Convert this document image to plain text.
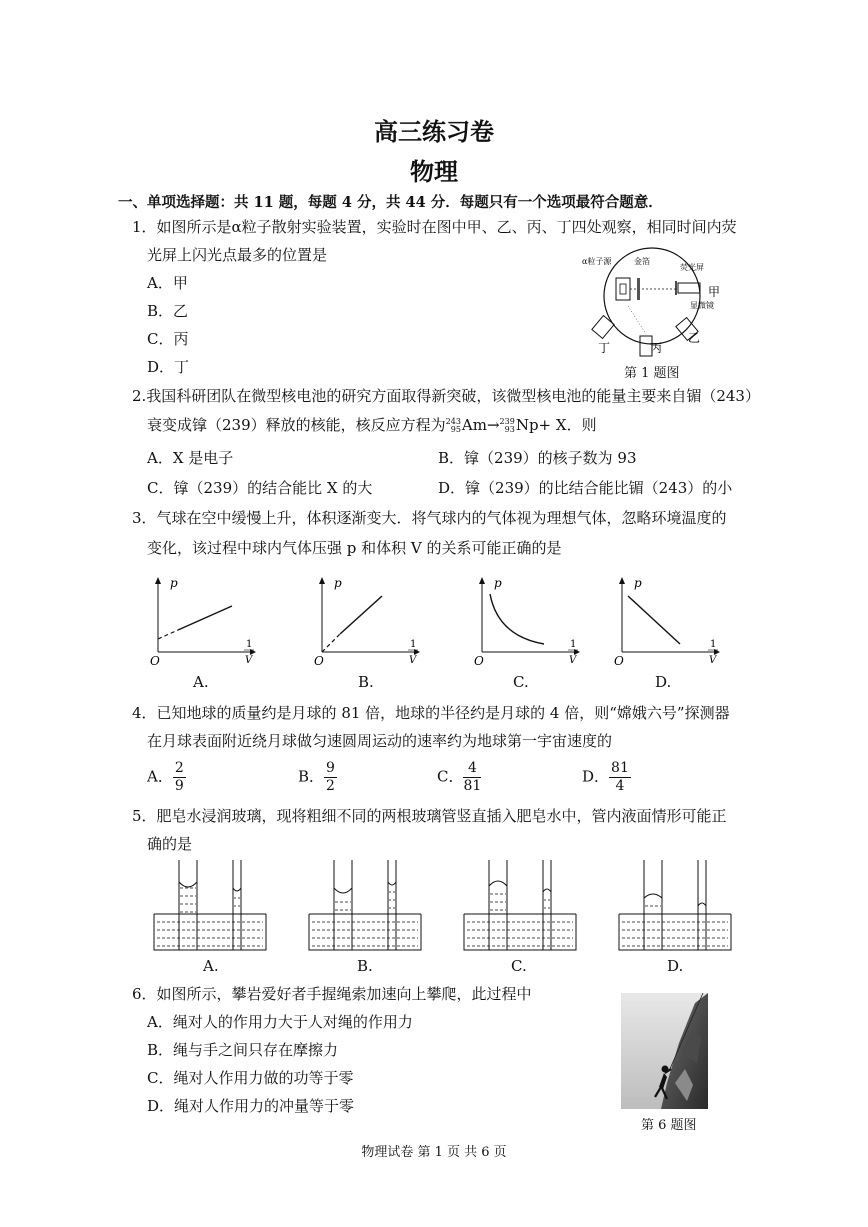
高三练习卷
物理
一、单项选择题：共 11 题，每题 4 分，共 44 分．每题只有一个选项最符合题意．
1．如图所示是α粒子散射实验装置，实验时在图中甲、乙、丙、丁四处观察，相同时间内荧
光屏上闪光点最多的位置是
A．甲
B．乙
C．丙
D．丁
α粒子源	金箔
荧光屏
显微镜
甲
乙
丙
丁
第 1 题图
2.我国科研团队在微型核电池的研究方面取得新突破，该微型核电池的能量主要来自镅（243）
衰变成镎（239）释放的核能，核反应方程为 243
95 Am→ 239
93 Np+ X．则
A．X 是电子	B．镎（239）的核子数为 93
C．镎（239）的结合能比 X 的大	D．镎（239）的比结合能比镅（243）的小
3．气球在空中缓慢上升，体积逐渐变大．将气球内的气体视为理想气体，忽略环境温度的
变化，该过程中球内气体压强 p 和体积 V 的关系可能正确的是
p
O
1
V
p
O
1
V
p
O
1
V
p
O
1
V
A.	B.	C.	D.
4．已知地球的质量约是月球的 81 倍，地球的半径约是月球的 4 倍，则“嫦娥六号”探测器
在月球表面附近绕月球做匀速圆周运动的速率约为地球第一宇宙速度的
A． $\frac{2}{9}$	B． $\frac{9}{2}$	C． $\frac{4}{81}$	D． $\frac{81}{4}$
5．肥皂水浸润玻璃，现将粗细不同的两根玻璃管竖直插入肥皂水中，管内液面情形可能正
确的是
A.	B.	C.	D.
6．如图所示，攀岩爱好者手握绳索加速向上攀爬，此过程中
A．绳对人的作用力大于人对绳的作用力
B．绳与手之间只存在摩擦力
C．绳对人作用力做的功等于零
D．绳对人作用力的冲量等于零
第 6 题图
物理试卷 第 1 页 共 6 页
